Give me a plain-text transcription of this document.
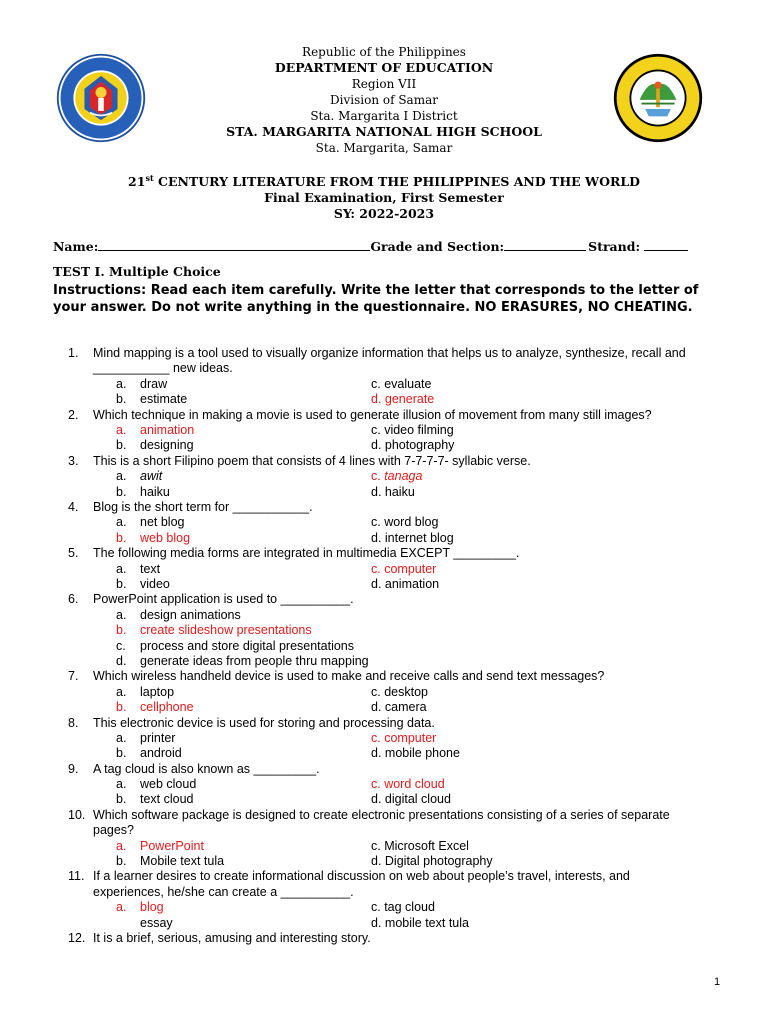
Republic of the Philippines
DEPARTMENT OF EDUCATION
Region VII
Division of Samar
Sta. Margarita I District
STA. MARGARITA NATIONAL HIGH SCHOOL
Sta. Margarita, Samar
21st CENTURY LITERATURE FROM THE PHILIPPINES AND THE WORLD
Final Examination, First Semester
SY: 2022-2023
Name:	Grade and Section:	Strand:
TEST I. Multiple Choice
Instructions: Read each item carefully. Write the letter that corresponds to the letter of your answer. Do not write anything in the questionnaire. NO ERASURES, NO CHEATING.
1. Mind mapping is a tool used to visually organize information that helps us to analyze, synthesize, recall and ___________ new ideas.
a. draw	c. evaluate
b. estimate	d. generate
2. Which technique in making a movie is used to generate illusion of movement from many still images?
a. animation	c. video filming
b. designing	d. photography
3. This is a short Filipino poem that consists of 4 lines with 7-7-7-7- syllabic verse.
a. awit	c. tanaga
b. haiku	d. haiku
4. Blog is the short term for ___________.
a. net blog	c. word blog
b. web blog	d. internet blog
5. The following media forms are integrated in multimedia EXCEPT _________.
a. text	c. computer
b. video	d. animation
6. PowerPoint application is used to __________.
a. design animations
b. create slideshow presentations
c. process and store digital presentations
d. generate ideas from people thru mapping
7. Which wireless handheld device is used to make and receive calls and send text messages?
a. laptop	c. desktop
b. cellphone	d. camera
8. This electronic device is used for storing and processing data.
a. printer	c. computer
b. android	d. mobile phone
9. A tag cloud is also known as _________.
a. web cloud	c. word cloud
b. text cloud	d. digital cloud
10. Which software package is designed to create electronic presentations consisting of a series of separate pages?
a. PowerPoint	c. Microsoft Excel
b. Mobile text tula	d. Digital photography
11. If a learner desires to create informational discussion on web about people’s travel, interests, and experiences, he/she can create a __________.
a. blog	c. tag cloud
essay	d. mobile text tula
12. It is a brief, serious, amusing and interesting story.
1
